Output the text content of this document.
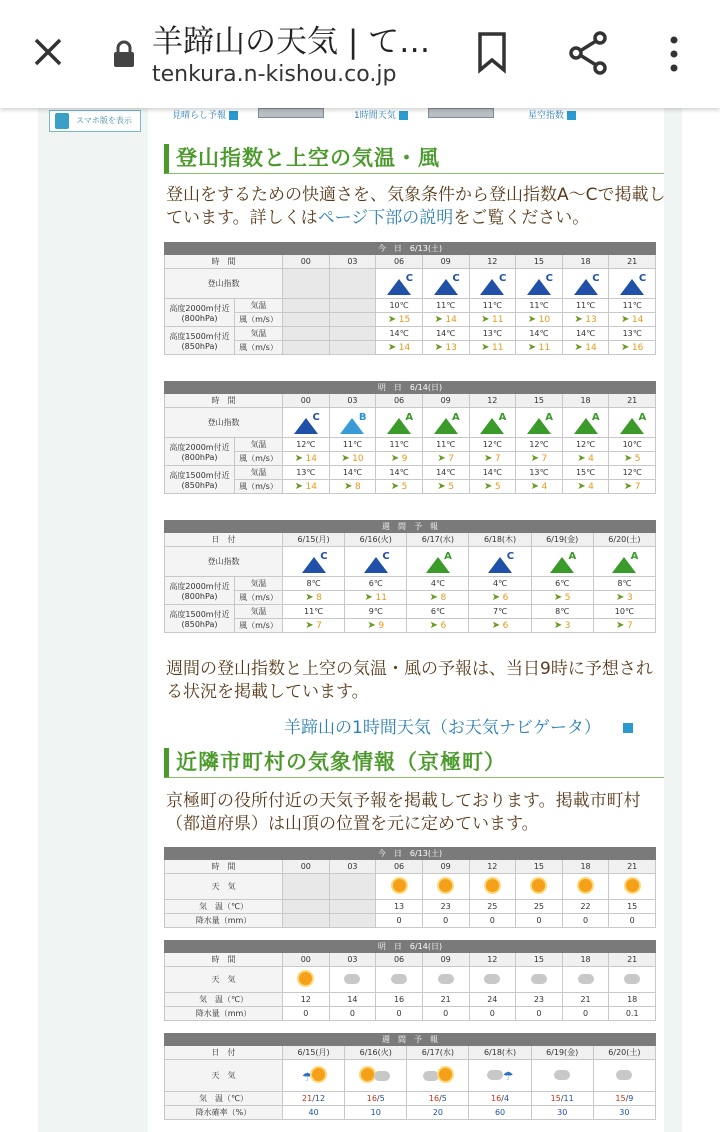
羊蹄山の天気 | て…
tenkura.n-kishou.co.jp
スマホ版を表示	見晴らし予報	1時間天気	星空指数
登山指数と上空の気温・風
登山をするための快適さを、気象条件から登山指数A〜Cで掲載しています。詳しくはページ下部の説明をご覧ください。
今　日　6/13(土)									
時　間		00	03	06	09	12	15	18	21
登山指数				C	C	C	C	C	C

高度2000m付近
(800hPa)	気温			10℃	11℃	11℃	11℃	11℃	11℃
	風（m/s）			➤ 15	➤ 14	➤ 11	➤ 10	➤ 13	➤ 14
高度1500m付近
(850hPa)	気温			14℃	14℃	13℃	14℃	14℃	13℃
	風（m/s）			➤ 14	➤ 13	➤ 11	➤ 11	➤ 14	➤ 16
明　日　6/14(日)									
時　間		00	03	06	09	12	15	18	21
登山指数		C	B	A	A	A	A	A	A

高度2000m付近
(800hPa)	気温	12℃	11℃	11℃	11℃	12℃	12℃	12℃	10℃
	風（m/s）	➤ 14	➤ 10	➤ 9	➤ 7	➤ 7	➤ 7	➤ 4	➤ 5
高度1500m付近
(850hPa)	気温	13℃	14℃	14℃	14℃	14℃	13℃	15℃	12℃
	風（m/s）	➤ 14	➤ 8	➤ 5	➤ 5	➤ 5	➤ 4	➤ 4	➤ 7
週　間　予　報							
日　付		6/15(月)	6/16(火)	6/17(水)	6/18(木)	6/19(金)	6/20(土)
登山指数		C	C	A	C	A	A

高度2000m付近
(800hPa)	気温	8℃	6℃	4℃	4℃	6℃	8℃
	風（m/s）	➤ 8	➤ 11	➤ 8	➤ 6	➤ 5	➤ 3
高度1500m付近
(850hPa)	気温	11℃	9℃	6℃	7℃	8℃	10℃
	風（m/s）	➤ 7	➤ 9	➤ 6	➤ 6	➤ 3	➤ 7
週間の登山指数と上空の気温・風の予報は、当日9時に予想される状況を掲載しています。
羊蹄山の1時間天気（お天気ナビゲータ）
近隣市町村の気象情報（京極町）
京極町の役所付近の天気予報を掲載しております。掲載市町村（都道府県）は山頂の位置を元に定めています。
今　日　6/13(土)								
時　間	00	03	06	09	12	15	18	21
天　気								
気　温（℃）			13	23	25	25	22	15
降水量（mm）			0	0	0	0	0	0
明　日　6/14(日)								
時　間	00	03	06	09	12	15	18	21
天　気								
気　温（℃）	12	14	16	21	24	23	21	18
降水量（mm）	0	0	0	0	0	0	0	0.1
週　間　予　報						
日　付	6/15(月)	6/16(火)	6/17(水)	6/18(木)	6/19(金)	6/20(土)
天　気	☂			☂		
気　温（℃）	21/12	16/5	16/5	16/4	15/11	15/9
降水確率（%）	40	10	20	60	30	30
